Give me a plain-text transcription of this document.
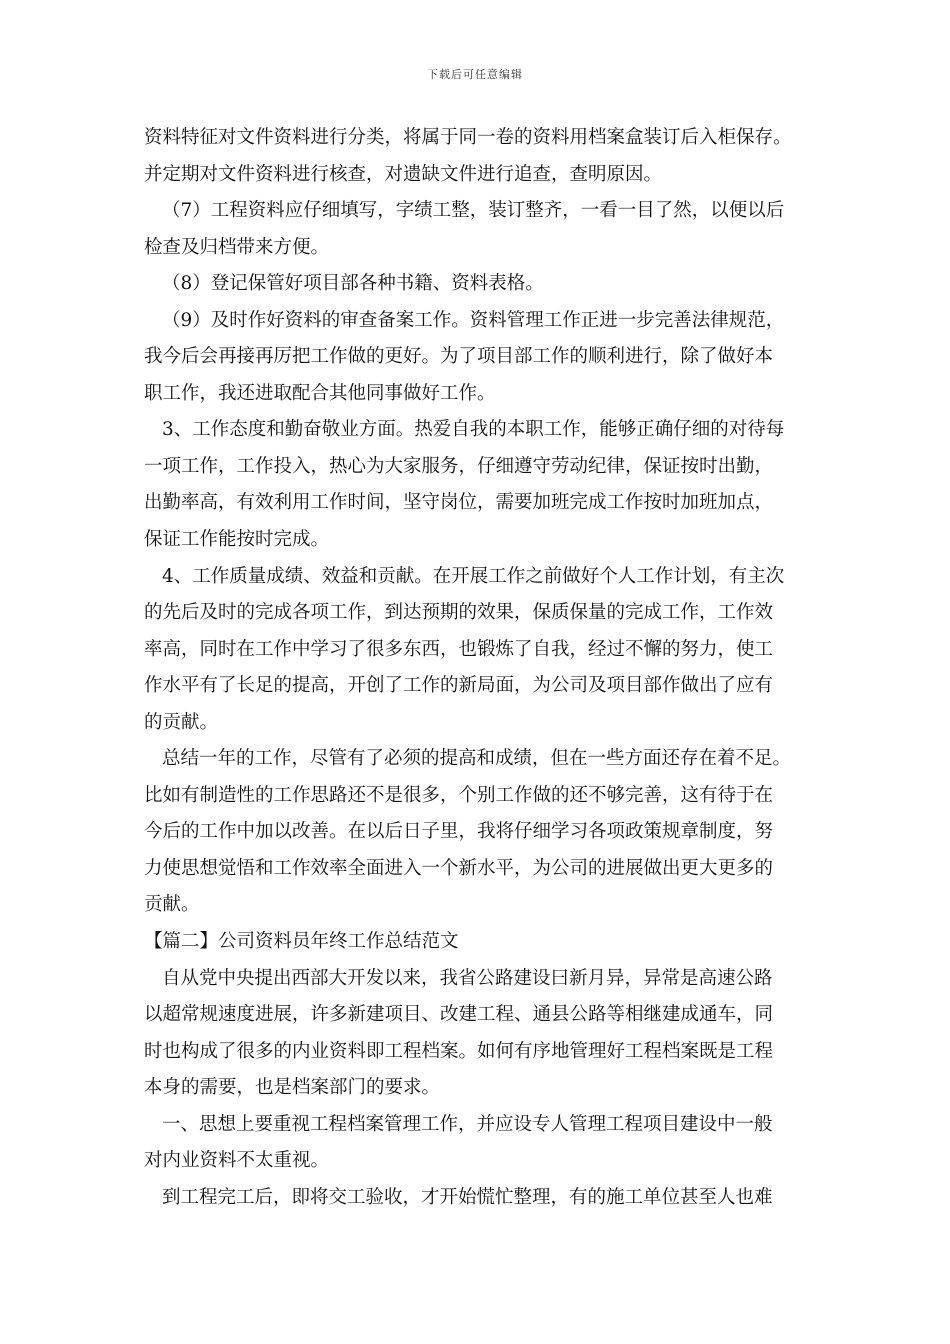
下载后可任意编辑
资料特征对文件资料进行分类，将属于同一卷的资料用档案盒装订后入柜保存。
并定期对文件资料进行核查，对遗缺文件进行追查，查明原因。
（7）工程资料应仔细填写，字绩工整，装订整齐，一看一目了然，以便以后
检查及归档带来方便。
（8）登记保管好项目部各种书籍、资料表格。
（9）及时作好资料的审查备案工作。资料管理工作正进一步完善法律规范，
我今后会再接再厉把工作做的更好。为了项目部工作的顺利进行，除了做好本
职工作，我还进取配合其他同事做好工作。
3、工作态度和勤奋敬业方面。热爱自我的本职工作，能够正确仔细的对待每
一项工作，工作投入，热心为大家服务，仔细遵守劳动纪律，保证按时出勤，
出勤率高，有效利用工作时间，坚守岗位，需要加班完成工作按时加班加点，
保证工作能按时完成。
4、工作质量成绩、效益和贡献。在开展工作之前做好个人工作计划，有主次
的先后及时的完成各项工作，到达预期的效果，保质保量的完成工作，工作效
率高，同时在工作中学习了很多东西，也锻炼了自我，经过不懈的努力，使工
作水平有了长足的提高，开创了工作的新局面，为公司及项目部作做出了应有
的贡献。
总结一年的工作，尽管有了必须的提高和成绩，但在一些方面还存在着不足。
比如有制造性的工作思路还不是很多，个别工作做的还不够完善，这有待于在
今后的工作中加以改善。在以后日子里，我将仔细学习各项政策规章制度，努
力使思想觉悟和工作效率全面进入一个新水平，为公司的进展做出更大更多的
贡献。
【篇二】公司资料员年终工作总结范文
自从党中央提出西部大开发以来，我省公路建设曰新月异，异常是高速公路
以超常规速度进展，许多新建项目、改建工程、通县公路等相继建成通车，同
时也构成了很多的内业资料即工程档案。如何有序地管理好工程档案既是工程
本身的需要，也是档案部门的要求。
一、思想上要重视工程档案管理工作，并应设专人管理工程项目建设中一般
对内业资料不太重视。
到工程完工后，即将交工验收，才开始慌忙整理，有的施工单位甚至人也难
